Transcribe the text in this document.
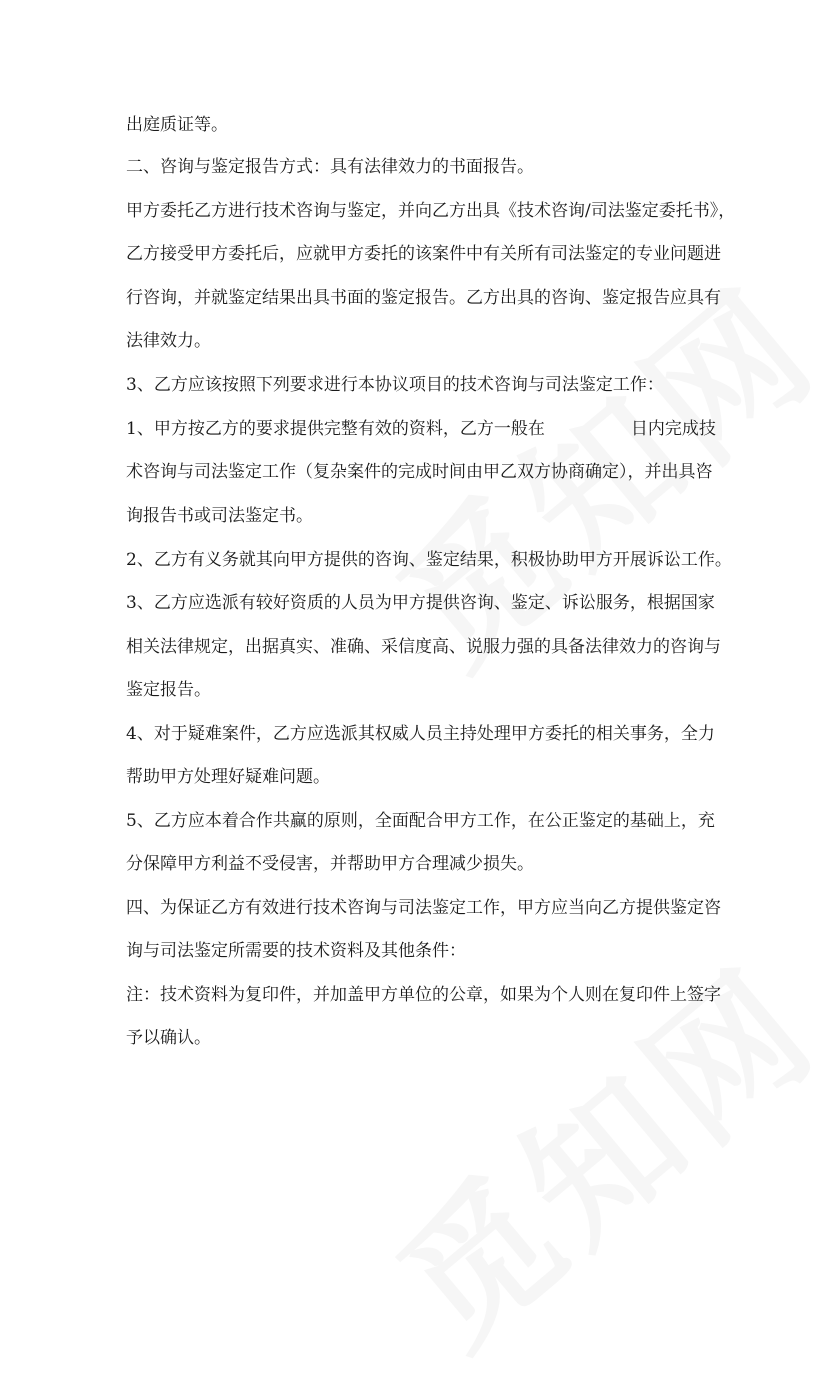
出庭质证等。
二、咨询与鉴定报告方式：具有法律效力的书面报告。
甲方委托乙方进行技术咨询与鉴定，并向乙方出具《技术咨询/司法鉴定委托书》，
乙方接受甲方委托后，应就甲方委托的该案件中有关所有司法鉴定的专业问题进
行咨询，并就鉴定结果出具书面的鉴定报告。乙方出具的咨询、鉴定报告应具有
法律效力。
3、乙方应该按照下列要求进行本协议项目的技术咨询与司法鉴定工作：
1、甲方按乙方的要求提供完整有效的资料，乙方一般在	日内完成技
术咨询与司法鉴定工作（复杂案件的完成时间由甲乙双方协商确定），并出具咨
询报告书或司法鉴定书。
2、乙方有义务就其向甲方提供的咨询、鉴定结果，积极协助甲方开展诉讼工作。
3、乙方应选派有较好资质的人员为甲方提供咨询、鉴定、诉讼服务，根据国家
相关法律规定，出据真实、准确、采信度高、说服力强的具备法律效力的咨询与
鉴定报告。
4、对于疑难案件，乙方应选派其权威人员主持处理甲方委托的相关事务，全力
帮助甲方处理好疑难问题。
5、乙方应本着合作共赢的原则，全面配合甲方工作，在公正鉴定的基础上，充
分保障甲方利益不受侵害，并帮助甲方合理减少损失。
四、为保证乙方有效进行技术咨询与司法鉴定工作，甲方应当向乙方提供鉴定咨
询与司法鉴定所需要的技术资料及其他条件：
注：技术资料为复印件，并加盖甲方单位的公章，如果为个人则在复印件上签字
予以确认。
